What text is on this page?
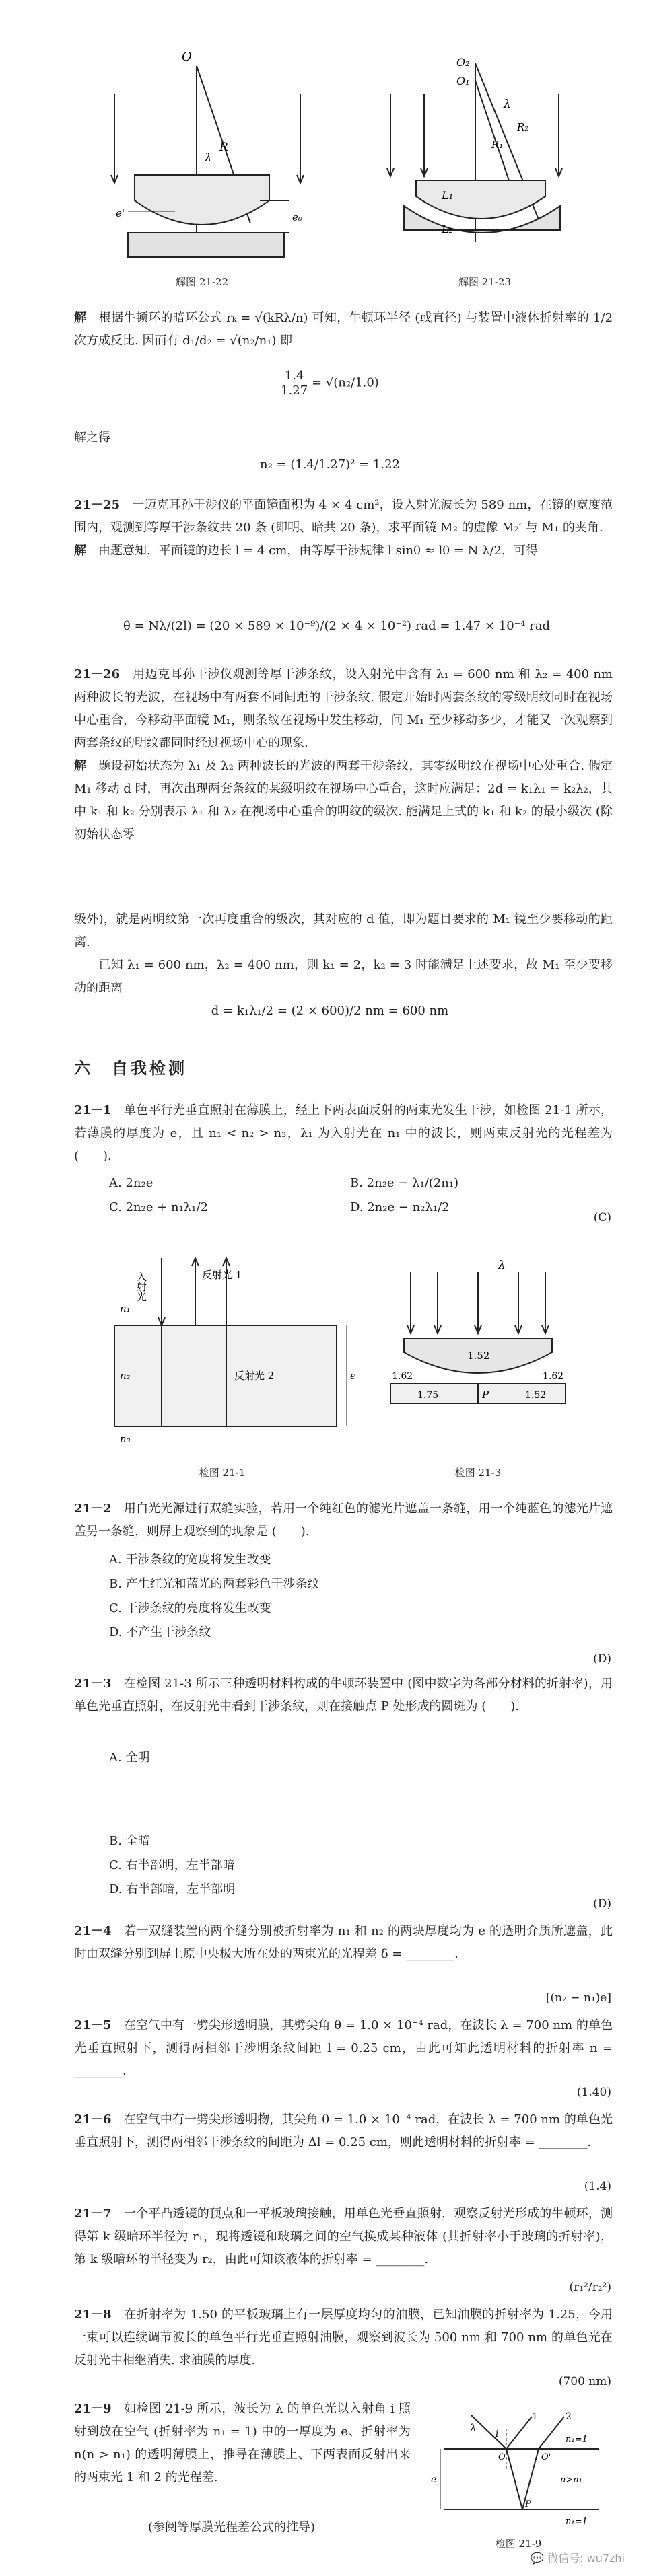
O
R
λ
e'	e₀
解图 21-22
O₂
O₁
λ
R₁
R₂
L₁
L₂
解图 21-23
解　 根据牛顿环的暗环公式 rₖ = √(kRλ/n) 可知，牛顿环半径 (或直径) 与装置中液体折射率的 1/2 次方成反比. 因而有 d₁/d₂ = √(n₂/n₁) 即
$\frac{1.4}{1.27} = √(n_2/1.0)$
解之得
n₂ = (1.4/1.27)² = 1.22
21－25　 一迈克耳孙干涉仪的平面镜面积为 4 × 4 cm²，设入射光波长为 589 nm，在镜的宽度范围内，观测到等厚干涉条纹共 20 条 (即明、暗共 20 条)，求平面镜 M₂ 的虚像 M₂′ 与 M₁ 的夹角.
解　 由题意知，平面镜的边长 l = 4 cm，由等厚干涉规律 l sinθ ≈ lθ = N λ/2，可得
θ = Nλ/(2l) = (20 × 589 × 10⁻⁹)/(2 × 4 × 10⁻²) rad = 1.47 × 10⁻⁴ rad
21－26　 用迈克耳孙干涉仪观测等厚干涉条纹，设入射光中含有 λ₁ = 600 nm 和 λ₂ = 400 nm 两种波长的光波，在视场中有两套不同间距的干涉条纹. 假定开始时两套条纹的零级明纹同时在视场中心重合，今移动平面镜 M₁，则条纹在视场中发生移动，问 M₁ 至少移动多少，才能又一次观察到两套条纹的明纹都同时经过视场中心的现象.
解　 题设初始状态为 λ₁ 及 λ₂ 两种波长的光波的两套干涉条纹，其零级明纹在视场中心处重合. 假定 M₁ 移动 d 时，再次出现两套条纹的某级明纹在视场中心重合，这时应满足：2d = k₁λ₁ = k₂λ₂，其中 k₁ 和 k₂ 分别表示 λ₁ 和 λ₂ 在视场中心重合的明纹的级次. 能满足上式的 k₁ 和 k₂ 的最小级次 (除初始状态零
级外)，就是两明纹第一次再度重合的级次，其对应的 d 值，即为题目要求的 M₁ 镜至少要移动的距离.
　　已知 λ₁ = 600 nm，λ₂ = 400 nm，则 k₁ = 2，k₂ = 3 时能满足上述要求，故 M₁ 至少要移动的距离
d = k₁λ₁/2 = (2 × 600)/2 nm = 600 nm
六　自我检测
21－1　 单色平行光垂直照射在薄膜上，经上下两表面反射的两束光发生干涉，如检图 21-1 所示，若薄膜的厚度为 e，且 n₁ < n₂ > n₃，λ₁ 为入射光在 n₁ 中的波长，则两束反射光的光程差为 (　　).
A. 2n₂e	B. 2n₂e − λ₁/(2n₁)
C. 2n₂e + n₁λ₁/2	D. 2n₂e − n₂λ₁/2
(C)
入射光	反射光 1
反射光 2
n₁
n₂
n₃
e
检图 21-1
λ
1.52
1.62
1.75
1.62
1.52
P
检图 21-3
21－2　 用白光光源进行双缝实验，若用一个纯红色的滤光片遮盖一条缝，用一个纯蓝色的滤光片遮盖另一条缝，则屏上观察到的现象是 (　　).
A. 干涉条纹的宽度将发生改变
B. 产生红光和蓝光的两套彩色干涉条纹
C. 干涉条纹的亮度将发生改变
D. 不产生干涉条纹
(D)
21－3　 在检图 21-3 所示三种透明材料构成的牛顿环装置中 (图中数字为各部分材料的折射率)，用单色光垂直照射，在反射光中看到干涉条纹，则在接触点 P 处形成的圆斑为 (　　).
A. 全明
B. 全暗
C. 右半部明，左半部暗
D. 右半部暗，左半部明
(D)
21－4　 若一双缝装置的两个缝分别被折射率为 n₁ 和 n₂ 的两块厚度均为 e 的透明介质所遮盖，此时由双缝分别到屏上原中央极大所在处的两束光的光程差 δ = ________.
[(n₂ − n₁)e]
21－5　 在空气中有一劈尖形透明膜，其劈尖角 θ = 1.0 × 10⁻⁴ rad，在波长 λ = 700 nm 的单色光垂直照射下，测得两相邻干涉明条纹间距 l = 0.25 cm，由此可知此透明材料的折射率 n = ________.
(1.40)
21－6　 在空气中有一劈尖形透明物，其尖角 θ = 1.0 × 10⁻⁴ rad，在波长 λ = 700 nm 的单色光垂直照射下，测得两相邻干涉条纹的间距为 Δl = 0.25 cm，则此透明材料的折射率 = ________.
(1.4)
21－7　 一个平凸透镜的顶点和一平板玻璃接触，用单色光垂直照射，观察反射光形成的牛顿环，测得第 k 级暗环半径为 r₁，现将透镜和玻璃之间的空气换成某种液体 (其折射率小于玻璃的折射率)，第 k 级暗环的半径变为 r₂，由此可知该液体的折射率 = ________.
(r₁²/r₂²)
21－8　 在折射率为 1.50 的平板玻璃上有一层厚度均匀的油膜，已知油膜的折射率为 1.25，今用一束可以连续调节波长的单色平行光垂直照射油膜，观察到波长为 500 nm 和 700 nm 的单色光在反射光中相继消失. 求油膜的厚度.
(700 nm)
21－9　 如检图 21-9 所示，波长为 λ 的单色光以入射角 i 照射到放在空气 (折射率为 n₁ = 1) 中的一厚度为 e、折射率为 n(n > n₁) 的透明薄膜上，推导在薄膜上、下两表面反射出来的两束光 1 和 2 的光程差.
(参阅等厚膜光程差公式的推导)
λ i
1	2
n₁=1
n>n₁
n₁=1
e
O	O'
P
检图 21-9
💬 微信号: wu7zhi
